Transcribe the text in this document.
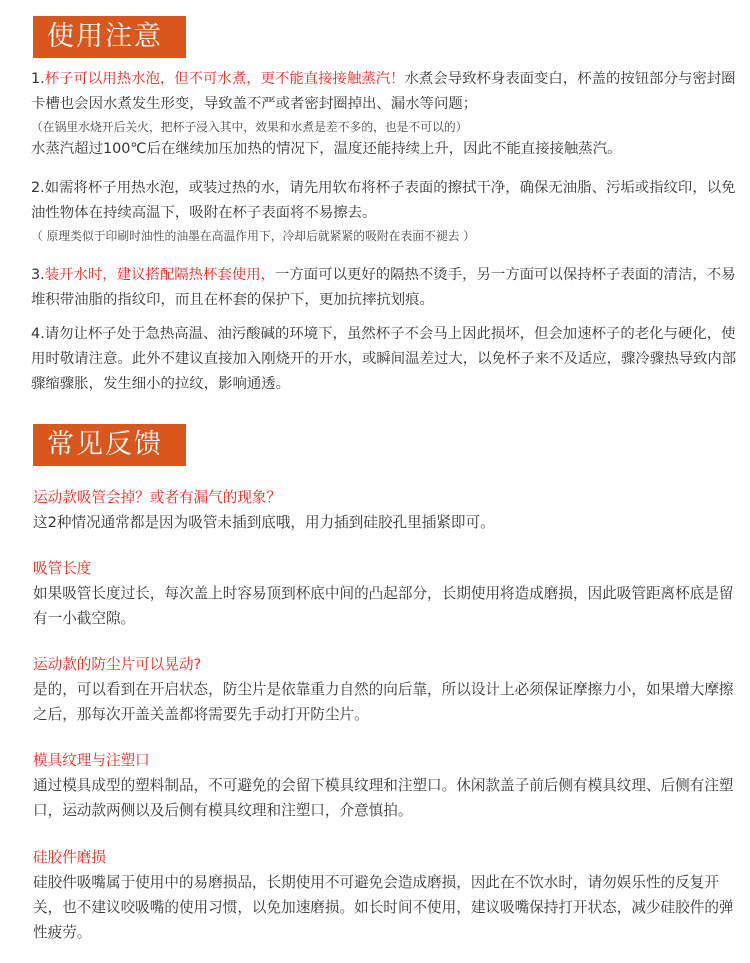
使用注意
1.杯子可以用热水泡，但不可水煮，更不能直接接触蒸汽！水煮会导致杯身表面变白，杯盖的按钮部分与密封圈卡槽也会因水煮发生形变，导致盖不严或者密封圈掉出、漏水等问题；
（在锅里水烧开后关火，把杯子浸入其中，效果和水煮是差不多的，也是不可以的）
水蒸汽超过100℃后在继续加压加热的情况下，温度还能持续上升，因此不能直接接触蒸汽。
2.如需将杯子用热水泡，或装过热的水，请先用软布将杯子表面的擦拭干净，确保无油脂、污垢或指纹印，以免油性物体在持续高温下，吸附在杯子表面将不易擦去。
（ 原理类似于印刷时油性的油墨在高温作用下，冷却后就紧紧的吸附在表面不褪去 ）
3.装开水时，建议搭配隔热杯套使用，一方面可以更好的隔热不烫手，另一方面可以保持杯子表面的清洁，不易堆积带油脂的指纹印，而且在杯套的保护下，更加抗摔抗划痕。
4.请勿让杯子处于急热高温、油污酸碱的环境下，虽然杯子不会马上因此损坏，但会加速杯子的老化与硬化，使用时敬请注意。此外不建议直接加入刚烧开的开水，或瞬间温差过大，以免杯子来不及适应，骤冷骤热导致内部骤缩骤胀，发生细小的拉纹，影响通透。
常见反馈
运动款吸管会掉？或者有漏气的现象？
这2种情况通常都是因为吸管未插到底哦，用力插到硅胶孔里插紧即可。
吸管长度
如果吸管长度过长，每次盖上时容易顶到杯底中间的凸起部分，长期使用将造成磨损，因此吸管距离杯底是留有一小截空隙。
运动款的防尘片可以晃动?
是的，可以看到在开启状态，防尘片是依靠重力自然的向后靠，所以设计上必须保证摩擦力小，如果增大摩擦之后，那每次开盖关盖都将需要先手动打开防尘片。
模具纹理与注塑口
通过模具成型的塑料制品，不可避免的会留下模具纹理和注塑口。休闲款盖子前后侧有模具纹理、后侧有注塑口，运动款两侧以及后侧有模具纹理和注塑口，介意慎拍。
硅胶件磨损
硅胶件吸嘴属于使用中的易磨损品，长期使用不可避免会造成磨损，因此在不饮水时，请勿娱乐性的反复开关，也不建议咬吸嘴的使用习惯，以免加速磨损。如长时间不使用，建议吸嘴保持打开状态，减少硅胶件的弹性疲劳。
